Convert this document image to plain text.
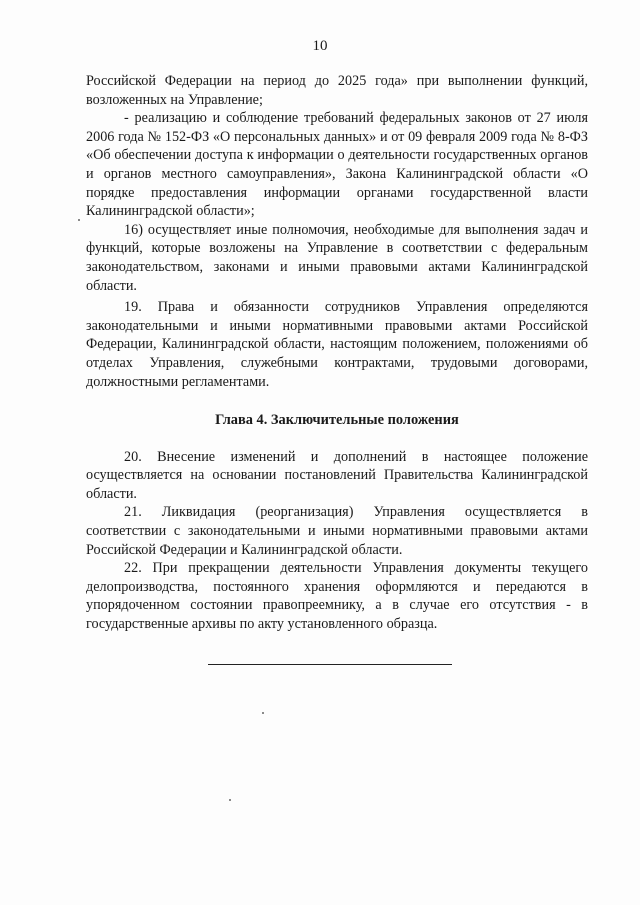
10

Российской Федерации на период до 2025 года» при выполнении функций, возложенных на Управление;

- реализацию и соблюдение требований федеральных законов от 27 июля 2006 года № 152-ФЗ «О персональных данных» и от 09 февраля 2009 года № 8-ФЗ «Об обеспечении доступа к информации о деятельности государственных органов и органов местного самоуправления», Закона Калининградской области «О порядке предоставления информации органами государственной власти Калининградской области»;

16) осуществляет иные полномочия, необходимые для выполнения задач и функций, которые возложены на Управление в соответствии с федеральным законодательством, законами и иными правовыми актами Калининградской области.

19. Права и обязанности сотрудников Управления определяются законодательными и иными нормативными правовыми актами Российской Федерации, Калининградской области, настоящим положением, положениями об отделах Управления, служебными контрактами, трудовыми договорами, должностными регламентами.

Глава 4. Заключительные положения

20. Внесение изменений и дополнений в настоящее положение осуществляется на основании постановлений Правительства Калининградской области.

21. Ликвидация (реорганизация) Управления осуществляется в соответствии с законодательными и иными нормативными правовыми актами Российской Федерации и Калининградской области.

22. При прекращении деятельности Управления документы текущего делопроизводства, постоянного хранения оформляются и передаются в упорядоченном состоянии правопреемнику, а в случае его отсутствия - в государственные архивы по акту установленного образца.
